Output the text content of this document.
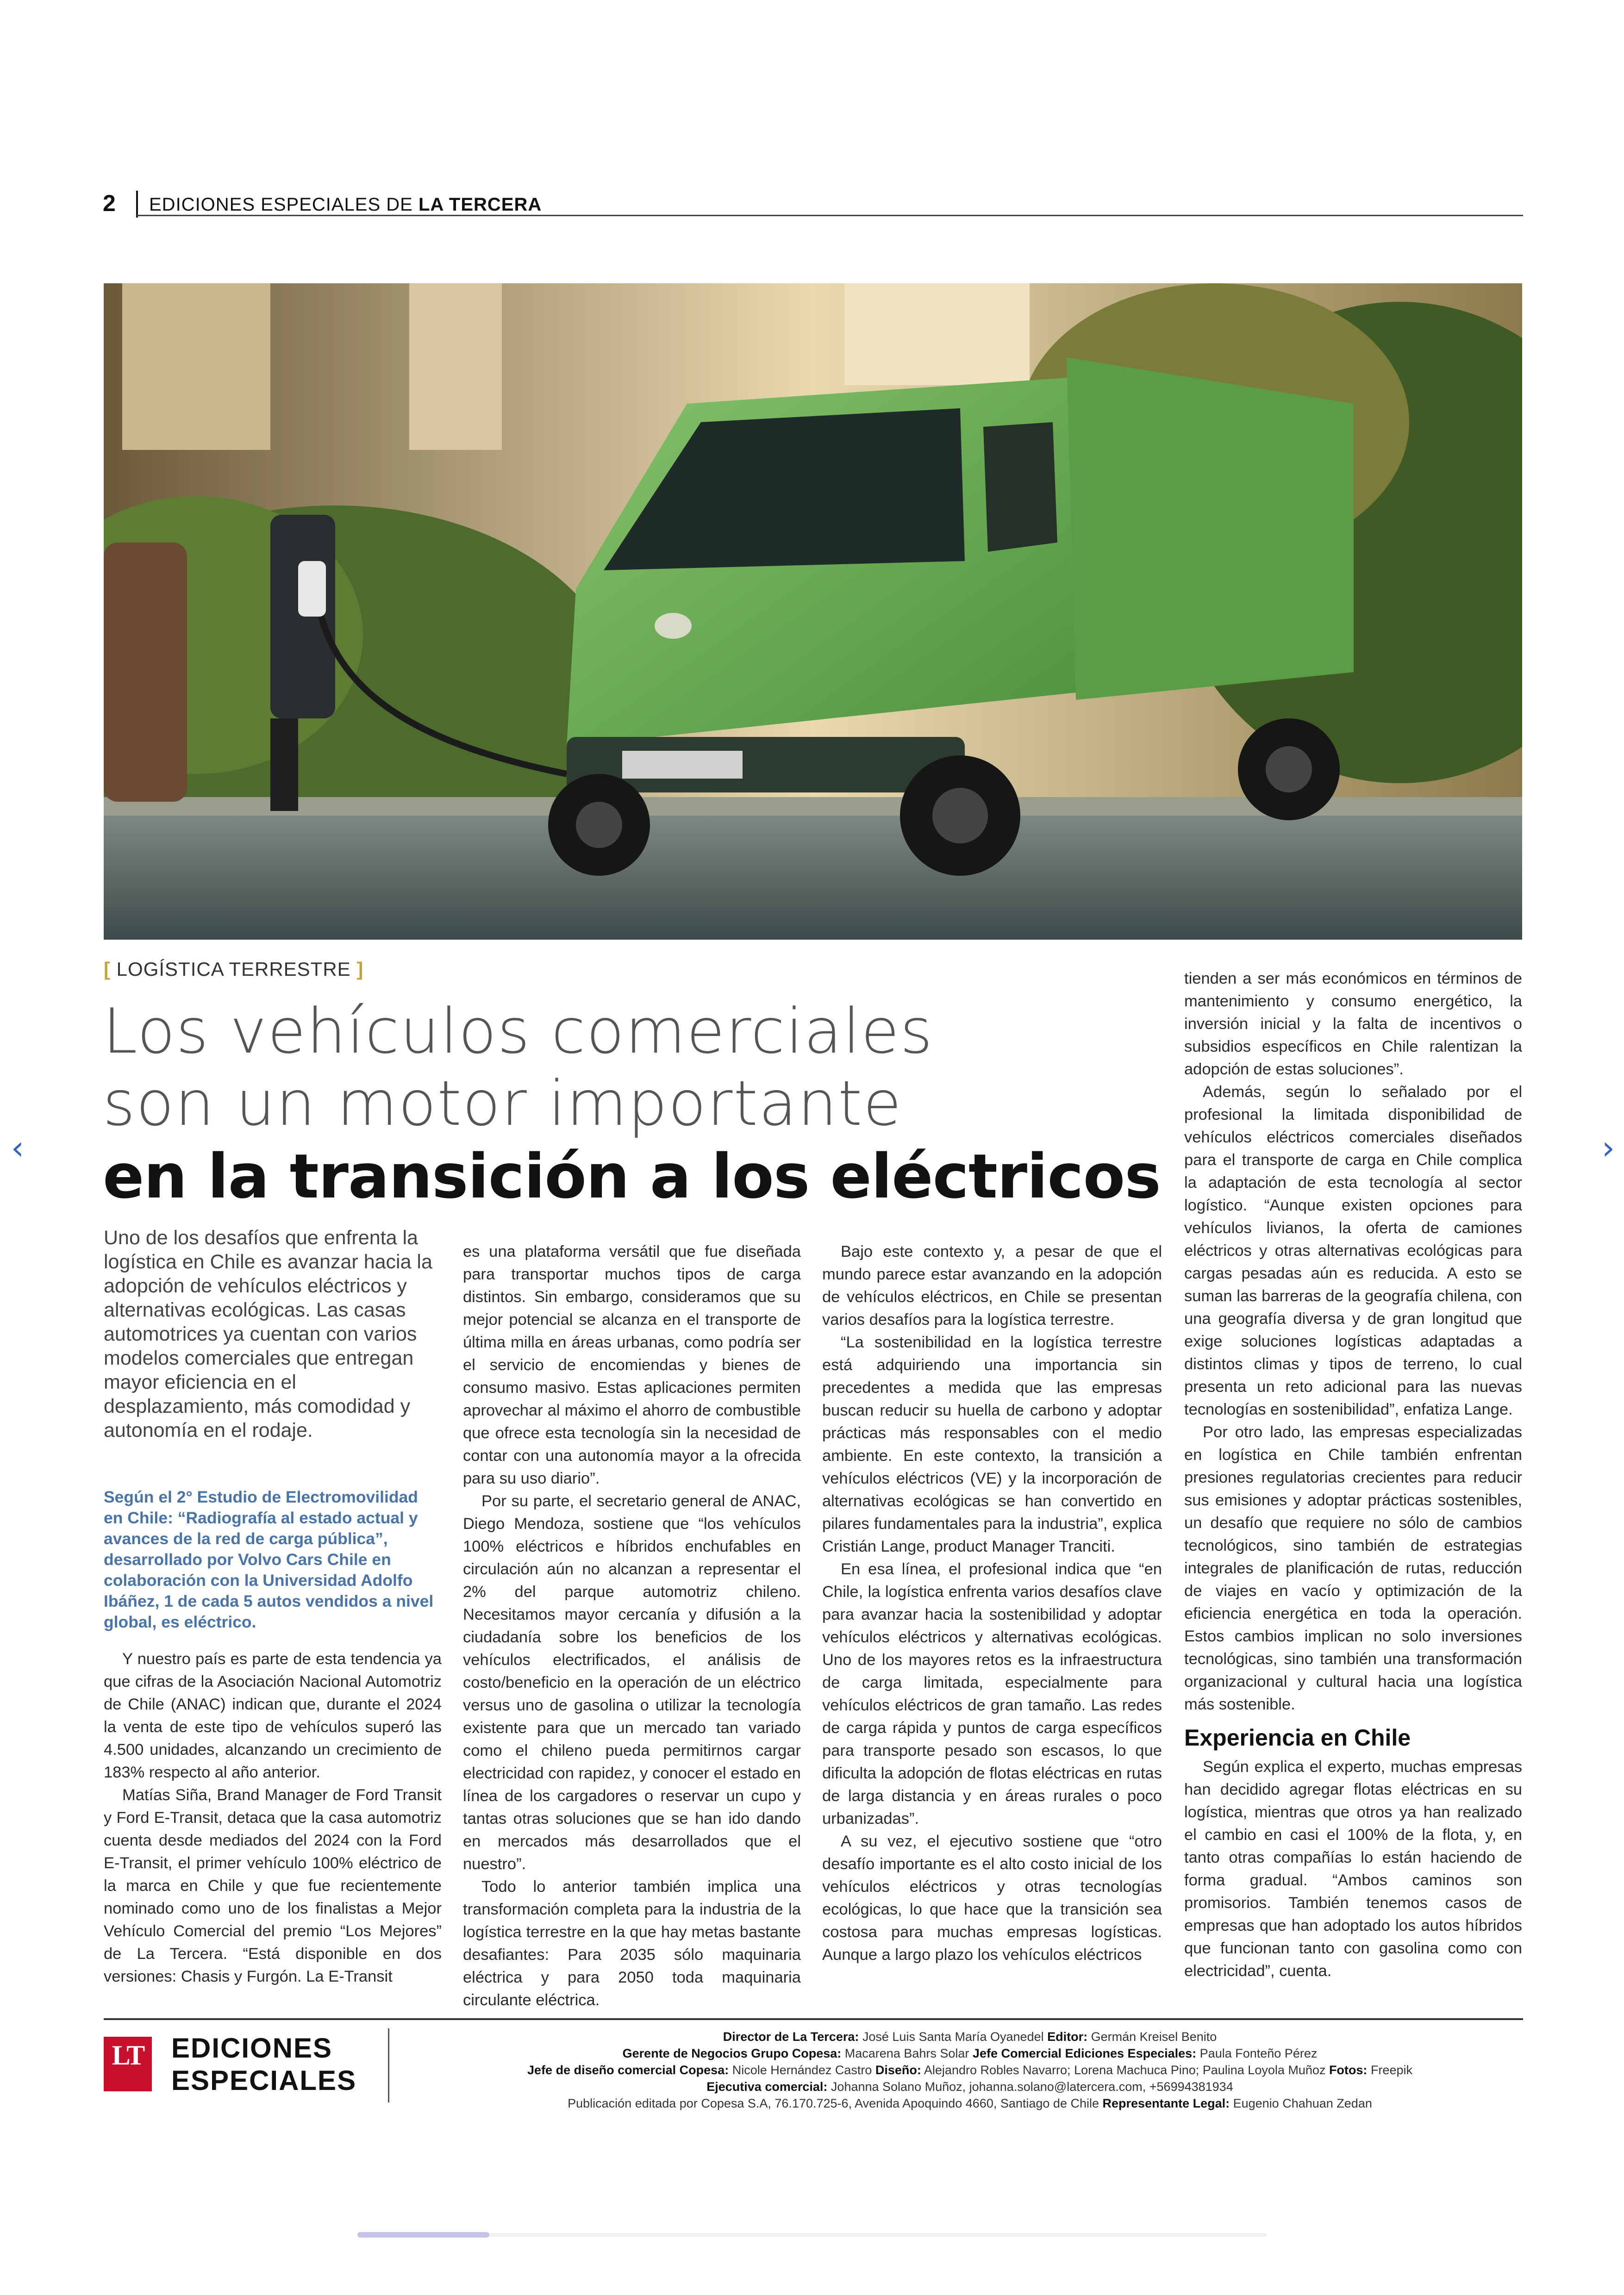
2 EDICIONES ESPECIALES DE LA TERCERA
[ LOGÍSTICA TERRESTRE ]
Los vehículos comerciales
son un motor importante
en la transición a los eléctricos
Uno de los desafíos que enfrenta la logística en Chile es avanzar hacia la adopción de vehículos eléctricos y alternativas ecológicas. Las casas automotrices ya cuentan con varios modelos comerciales que entregan mayor eficiencia en el desplazamiento, más comodidad y autonomía en el rodaje.
Según el 2° Estudio de Electromovilidad en Chile: “Radiografía al estado actual y avances de la red de carga pública”, desarrollado por Volvo Cars Chile en colaboración con la Universidad Adolfo Ibáñez, 1 de cada 5 autos vendidos a nivel global, es eléctrico.

Y nuestro país es parte de esta tendencia ya que cifras de la Asociación Nacional Automotriz de Chile (ANAC) indican que, durante el 2024 la venta de este tipo de vehículos superó las 4.500 unidades, alcanzando un crecimiento de 183% respecto al año anterior.

Matías Siña, Brand Manager de Ford Transit y Ford E-Transit, detaca que la casa automotriz cuenta desde mediados del 2024 con la Ford E-Transit, el primer vehículo 100% eléctrico de la marca en Chile y que fue recientemente nominado como uno de los finalistas a Mejor Vehículo Comercial del premio “Los Mejores” de La Tercera. “Está disponible en dos versiones: Chasis y Furgón. La E-Transit

es una plataforma versátil que fue diseñada para transportar muchos tipos de carga distintos. Sin embargo, consideramos que su mejor potencial se alcanza en el transporte de última milla en áreas urbanas, como podría ser el servicio de encomiendas y bienes de consumo masivo. Estas aplicaciones permiten aprovechar al máximo el ahorro de combustible que ofrece esta tecnología sin la necesidad de contar con una autonomía mayor a la ofrecida para su uso diario”.

Por su parte, el secretario general de ANAC, Diego Mendoza, sostiene que “los vehículos 100% eléctricos e híbridos enchufables en circulación aún no alcanzan a representar el 2% del parque automotriz chileno. Necesitamos mayor cercanía y difusión a la ciudadanía sobre los beneficios de los vehículos electrificados, el análisis de costo/beneficio en la operación de un eléctrico versus uno de gasolina o utilizar la tecnología existente para que un mercado tan variado como el chileno pueda permitirnos cargar electricidad con rapidez, y conocer el estado en línea de los cargadores o reservar un cupo y tantas otras soluciones que se han ido dando en mercados más desarrollados que el nuestro”.

Todo lo anterior también implica una transformación completa para la industria de la logística terrestre en la que hay metas bastante desafiantes: Para 2035 sólo maquinaria eléctrica y para 2050 toda maquinaria circulante eléctrica.

Bajo este contexto y, a pesar de que el mundo parece estar avanzando en la adopción de vehículos eléctricos, en Chile se presentan varios desafíos para la logística terrestre.

“La sostenibilidad en la logística terrestre está adquiriendo una importancia sin precedentes a medida que las empresas buscan reducir su huella de carbono y adoptar prácticas más responsables con el medio ambiente. En este contexto, la transición a vehículos eléctricos (VE) y la incorporación de alternativas ecológicas se han convertido en pilares fundamentales para la industria”, explica Cristián Lange, product Manager Tranciti.

En esa línea, el profesional indica que “en Chile, la logística enfrenta varios desafíos clave para avanzar hacia la sostenibilidad y adoptar vehículos eléctricos y alternativas ecológicas. Uno de los mayores retos es la infraestructura de carga limitada, especialmente para vehículos eléctricos de gran tamaño. Las redes de carga rápida y puntos de carga específicos para transporte pesado son escasos, lo que dificulta la adopción de flotas eléctricas en rutas de larga distancia y en áreas rurales o poco urbanizadas”.

A su vez, el ejecutivo sostiene que “otro desafío importante es el alto costo inicial de los vehículos eléctricos y otras tecnologías ecológicas, lo que hace que la transición sea costosa para muchas empresas logísticas. Aunque a largo plazo los vehículos eléctricos

tienden a ser más económicos en términos de mantenimiento y consumo energético, la inversión inicial y la falta de incentivos o subsidios específicos en Chile ralentizan la adopción de estas soluciones”.

Además, según lo señalado por el profesional la limitada disponibilidad de vehículos eléctricos comerciales diseñados para el transporte de carga en Chile complica la adaptación de esta tecnología al sector logístico. “Aunque existen opciones para vehículos livianos, la oferta de camiones eléctricos y otras alternativas ecológicas para cargas pesadas aún es reducida. A esto se suman las barreras de la geografía chilena, con una geografía diversa y de gran longitud que exige soluciones logísticas adaptadas a distintos climas y tipos de terreno, lo cual presenta un reto adicional para las nuevas tecnologías en sostenibilidad”, enfatiza Lange.

Por otro lado, las empresas especializadas en logística en Chile también enfrentan presiones regulatorias crecientes para reducir sus emisiones y adoptar prácticas sostenibles, un desafío que requiere no sólo de cambios tecnológicos, sino también de estrategias integrales de planificación de rutas, reducción de viajes en vacío y optimización de la eficiencia energética en toda la operación. Estos cambios implican no solo inversiones tecnológicas, sino también una transformación organizacional y cultural hacia una logística más sostenible.

Experiencia en Chile

Según explica el experto, muchas empresas han decidido agregar flotas eléctricas en su logística, mientras que otros ya han realizado el cambio en casi el 100% de la flota, y, en tanto otras compañías lo están haciendo de forma gradual. “Ambos caminos son promisorios. También tenemos casos de empresas que han adoptado los autos híbridos que funcionan tanto con gasolina como con electricidad”, cuenta.

LT
LA TERCERA
EDICIONES
ESPECIALES
Director de La Tercera: José Luis Santa María Oyanedel Editor: Germán Kreisel Benito
Gerente de Negocios Grupo Copesa: Macarena Bahrs Solar Jefe Comercial Ediciones Especiales: Paula Fonteño Pérez
Jefe de diseño comercial Copesa: Nicole Hernández Castro Diseño: Alejandro Robles Navarro; Lorena Machuca Pino; Paulina Loyola Muñoz Fotos: Freepik
Ejecutiva comercial: Johanna Solano Muñoz, johanna.solano@latercera.com, +56994381934
Publicación editada por Copesa S.A, 76.170.725-6, Avenida Apoquindo 4660, Santiago de Chile Representante Legal: Eugenio Chahuan Zedan
‹	›
